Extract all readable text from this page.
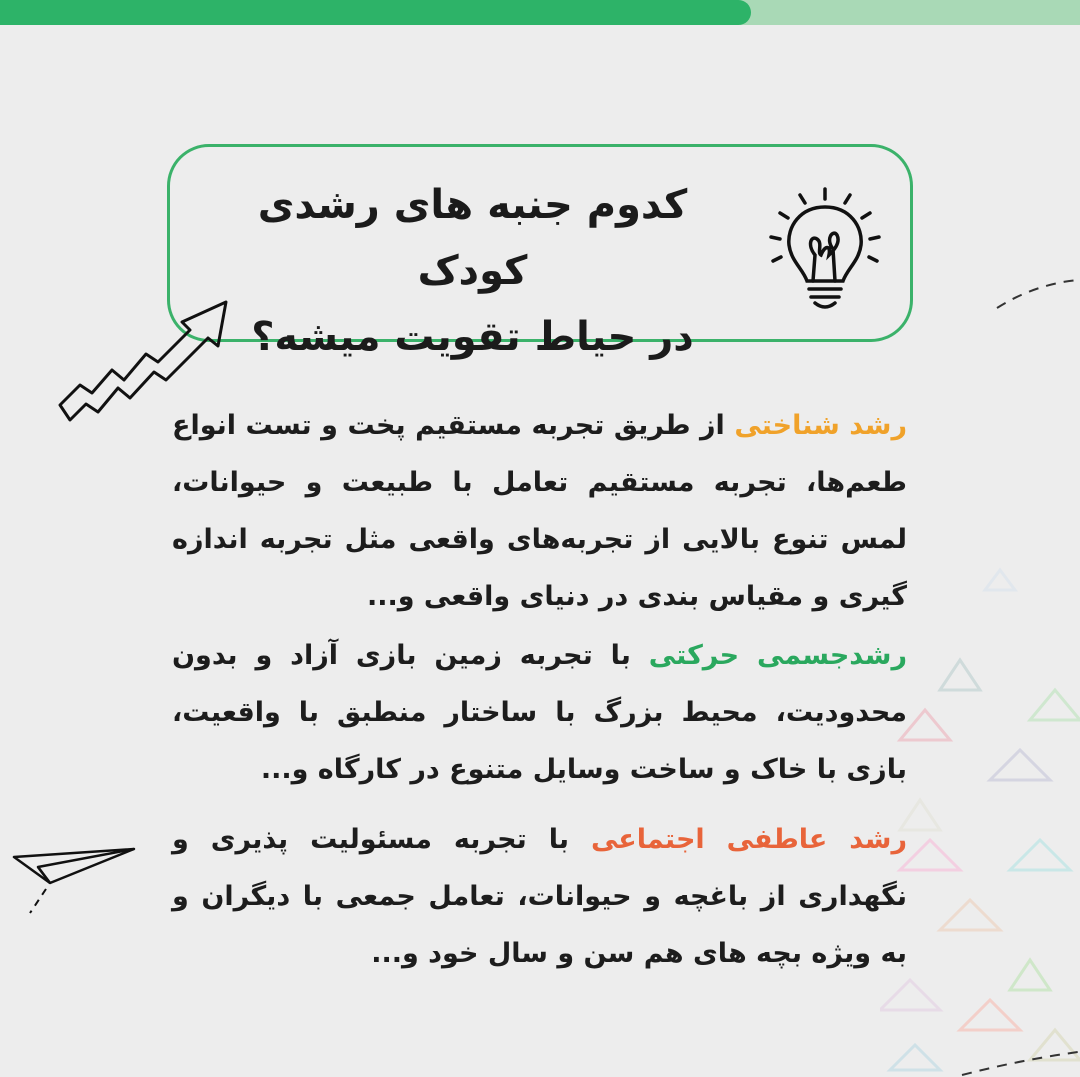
کدوم جنبه های رشدی کودک
در حیاط تقویت میشه؟

رشد شناختی از طریق تجربه مستقیم پخت و تست انواع طعم‌ها، تجربه مستقیم تعامل با طبیعت و حیوانات، لمس تنوع بالایی از تجربه‌های واقعی مثل تجربه اندازه گیری و مقیاس بندی در دنیای واقعی و...

رشدجسمی حرکتی با تجربه زمین بازی آزاد و بدون محدودیت، محیط بزرگ با ساختار منطبق با واقعیت، بازی با خاک و ساخت وسایل متنوع در کارگاه و...

رشد عاطفی اجتماعی با تجربه مسئولیت پذیری و نگهداری از باغچه و حیوانات، تعامل جمعی با دیگران و به ویژه بچه های هم سن و سال خود و...
